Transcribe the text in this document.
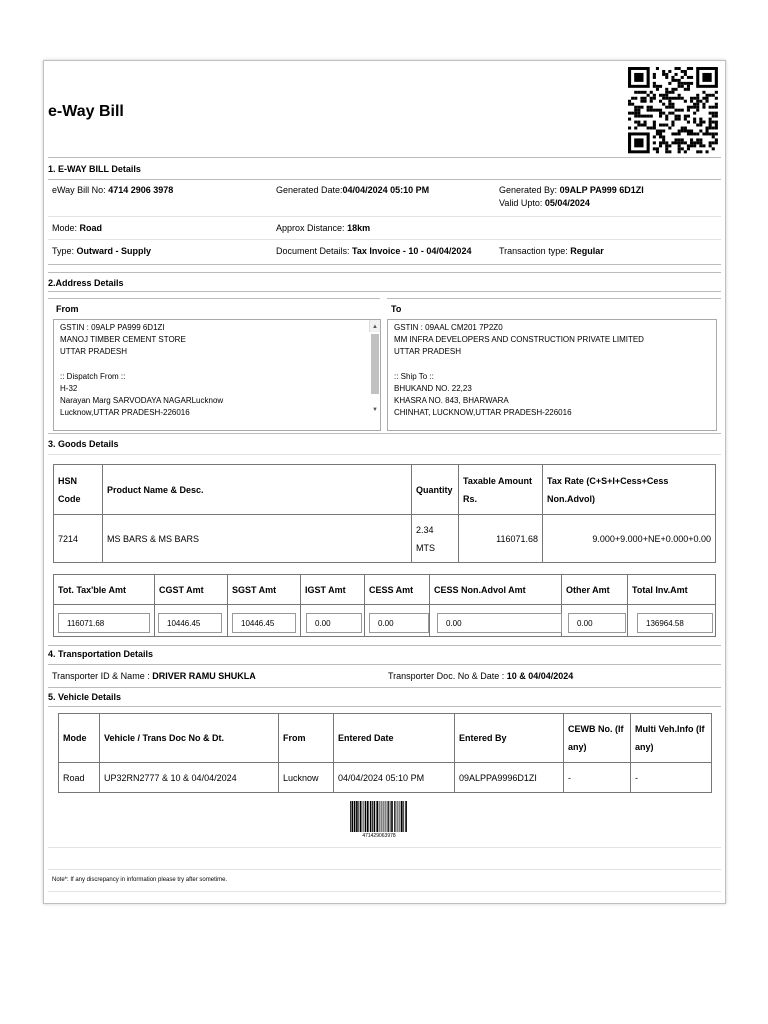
e-Way Bill
1. E-WAY BILL Details
eWay Bill No: 4714 2906 3978	Generated Date:04/04/2024 05:10 PM	Generated By: 09ALP PA999 6D1ZI
Valid Upto: 05/04/2024
Mode: Road	Approx Distance: 18km
Type: Outward - Supply	Document Details: Tax Invoice - 10 - 04/04/2024	Transaction type: Regular
2.Address Details
From	To
GSTIN : 09ALP PA999 6D1ZI
MANOJ TIMBER CEMENT STORE
UTTAR PRADESH
:: Dispatch From ::
H-32
Narayan Marg SARVODAYA NAGARLucknow
Lucknow,UTTAR PRADESH-226016
▲
▼
GSTIN : 09AAL CM201 7P2Z0
MM INFRA DEVELOPERS AND CONSTRUCTION PRIVATE LIMITED
UTTAR PRADESH
:: Ship To ::
BHUKAND NO. 22,23
KHASRA NO. 843, BHARWARA
CHINHAT, LUCKNOW,UTTAR PRADESH-226016
3. Goods Details
HSN Code	Product Name & Desc.	Quantity	Taxable Amount Rs.	Tax Rate (C+S+I+Cess+Cess Non.Advol)
7214	MS BARS & MS BARS	2.34 MTS	116071.68	9.000+9.000+NE+0.000+0.00
Tot. Tax'ble Amt	CGST Amt	SGST Amt	IGST Amt	CESS Amt	CESS Non.Advol Amt	Other Amt	Total Inv.Amt

116071.68	10446.45	10446.45	0.00	0.00	0.00	0.00	136964.58
4. Transportation Details
Transporter ID & Name : DRIVER RAMU SHUKLA	Transporter Doc. No & Date : 10 & 04/04/2024
5. Vehicle Details
Mode	Vehicle / Trans Doc No & Dt.	From	Entered Date	Entered By	CEWB No. (If any)	Multi Veh.Info (If any)
Road	UP32RN2777 & 10 & 04/04/2024	Lucknow	04/04/2024 05:10 PM	09ALPPA9996D1ZI	-	-
471429063978
Note*: If any discrepancy in information please try after sometime.
